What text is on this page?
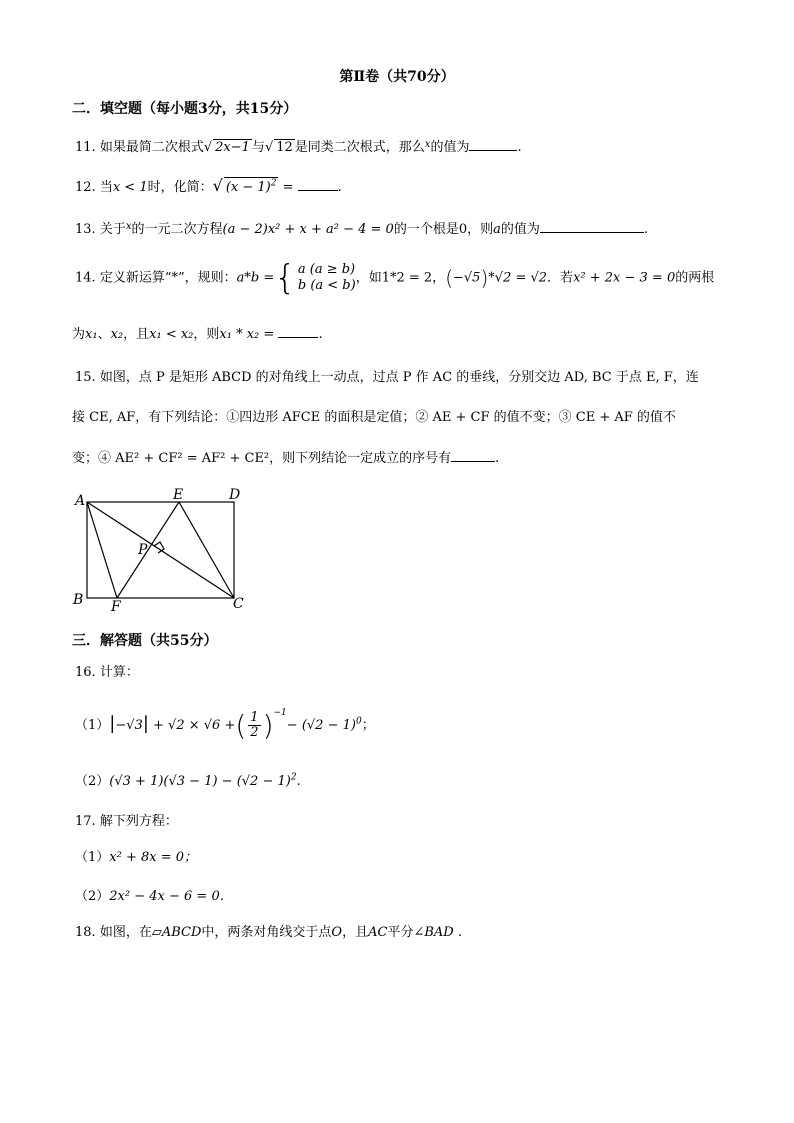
第Ⅱ卷（共70分）
二．填空题（每小题3分，共15分）
11. 如果最简二次根式√ 2x−1 与√ 12 是同类二次根式，那么$^x$的值为	.
12. 当x < 1时，化简：√ $(x - 1)^2$ =	.
13. 关于$^x$的一元二次方程(a − 2)x² + x + a² − 4 = 0的一个根是0，则a的值为	.
14. 定义新运算“*”，规则：a*b ={ a (a ≥ b)
b (a < b) ，如1*2 = 2，(−√5)*√2 = √2．若x² + 2x − 3 = 0的两根
为x₁、x₂，且x₁ < x₂，则x₁ * x₂ =	.
15. 如图，点 P 是矩形 ABCD 的对角线上一动点，过点 P 作 AC 的垂线，分别交边 AD, BC 于点 E, F，连
接 CE, AF，有下列结论：①四边形 AFCE 的面积是定值；② AE + CF 的值不变；③ CE + AF 的值不
变；④ AE² + CF² = AF² + CE²，则下列结论一定成立的序号有	.
A	E	D
P
B F	C
三．解答题（共55分）
16. 计算：
（1）|−√3| + √2 × √6 +( $\frac{1}{2} )^{-1}- (√2 - 1)^0$；
$(2)(√3 + 1)(√3 - 1) - (√2 - 1)^2$.
17. 解下列方程：
（1）x² + 8x = 0；
（2）2x² − 4x − 6 = 0．
18. 如图，在▱ABCD中，两条对角线交于点O，且AC平分∠BAD .
